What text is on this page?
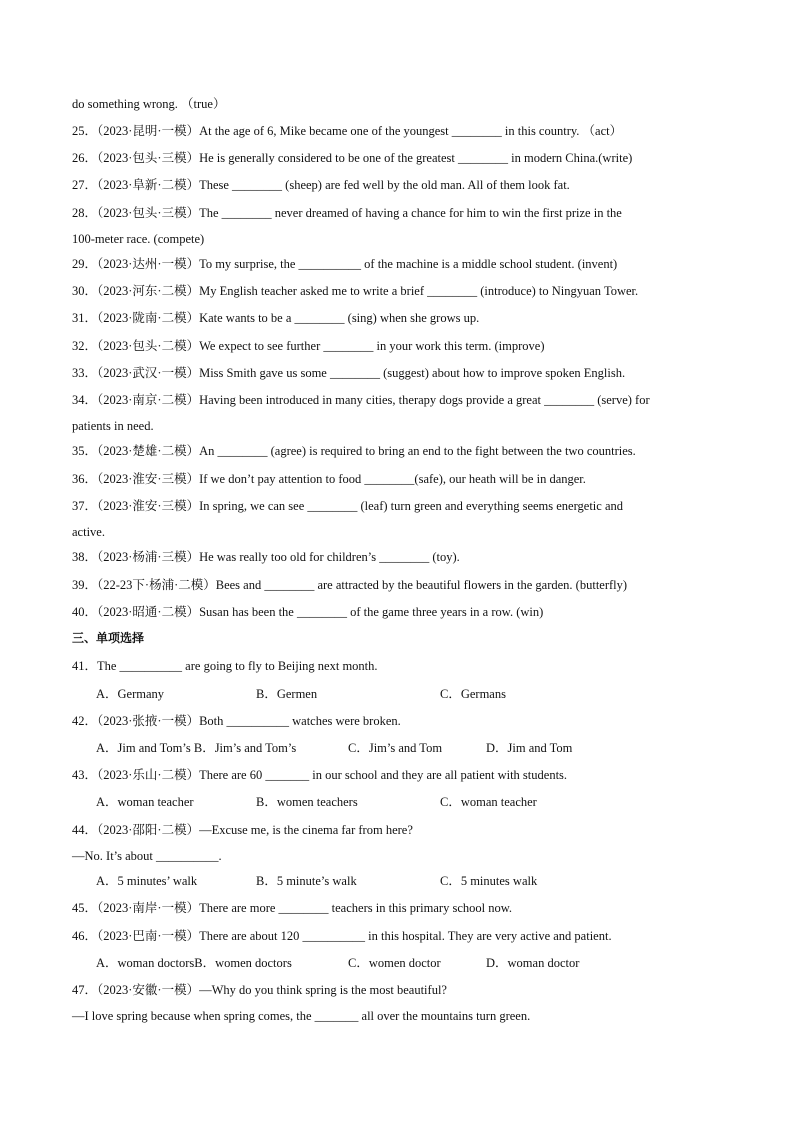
do something wrong. （true）
25．（2023·昆明·一模）At the age of 6, Mike became one of the youngest ________ in this country. （act）
26．（2023·包头·三模）He is generally considered to be one of the greatest ________ in modern China.(write)
27．（2023·阜新·二模）These ________ (sheep) are fed well by the old man. All of them look fat.
28．（2023·包头·三模）The ________ never dreamed of having a chance for him to win the first prize in the
100-meter race. (compete)
29．（2023·达州·一模）To my surprise, the __________ of the machine is a middle school student. (invent)
30．（2023·河东·二模）My English teacher asked me to write a brief ________ (introduce) to Ningyuan Tower.
31．（2023·陇南·二模）Kate wants to be a ________ (sing) when she grows up.
32．（2023·包头·二模）We expect to see further ________ in your work this term. (improve)
33．（2023·武汉·一模）Miss Smith gave us some ________ (suggest) about how to improve spoken English.
34．（2023·南京·二模）Having been introduced in many cities, therapy dogs provide a great ________ (serve) for
patients in need.
35．（2023·楚雄·二模）An ________ (agree) is required to bring an end to the fight between the two countries.
36．（2023·淮安·三模）If we don’t pay attention to food ________(safe), our heath will be in danger.
37．（2023·淮安·三模）In spring, we can see ________ (leaf) turn green and everything seems energetic and
active.
38．（2023·杨浦·三模）He was really too old for children’s ________ (toy).
39．（22-23下·杨浦·二模）Bees and ________ are attracted by the beautiful flowers in the garden. (butterfly)
40．（2023·昭通·二模）Susan has been the ________ of the game three years in a row. (win)
三、单项选择
41．The __________ are going to fly to Beijing next month.
A．Germany	B．Germen	C．Germans
42．（2023·张掖·一模）Both __________ watches were broken.
A．Jim and Tom’s B．Jim’s and Tom’s	C．Jim’s and Tom	D．Jim and Tom
43．（2023·乐山·二模）There are 60 _______ in our school and they are all patient with students.
A．woman teacher	B．women teachers	C．woman teacher
44．（2023·邵阳·二模）—Excuse me, is the cinema far from here?
—No. It’s about __________.
A．5 minutes’ walk	B．5 minute’s walk	C．5 minutes walk
45．（2023·南岸·一模）There are more ________ teachers in this primary school now.
46．（2023·巴南·一模）There are about 120 __________ in this hospital. They are very active and patient.
A．woman doctorsB．women doctors	C．women doctor	D．woman doctor
47．（2023·安徽·一模）—Why do you think spring is the most beautiful?
—I love spring because when spring comes, the _______ all over the mountains turn green.
